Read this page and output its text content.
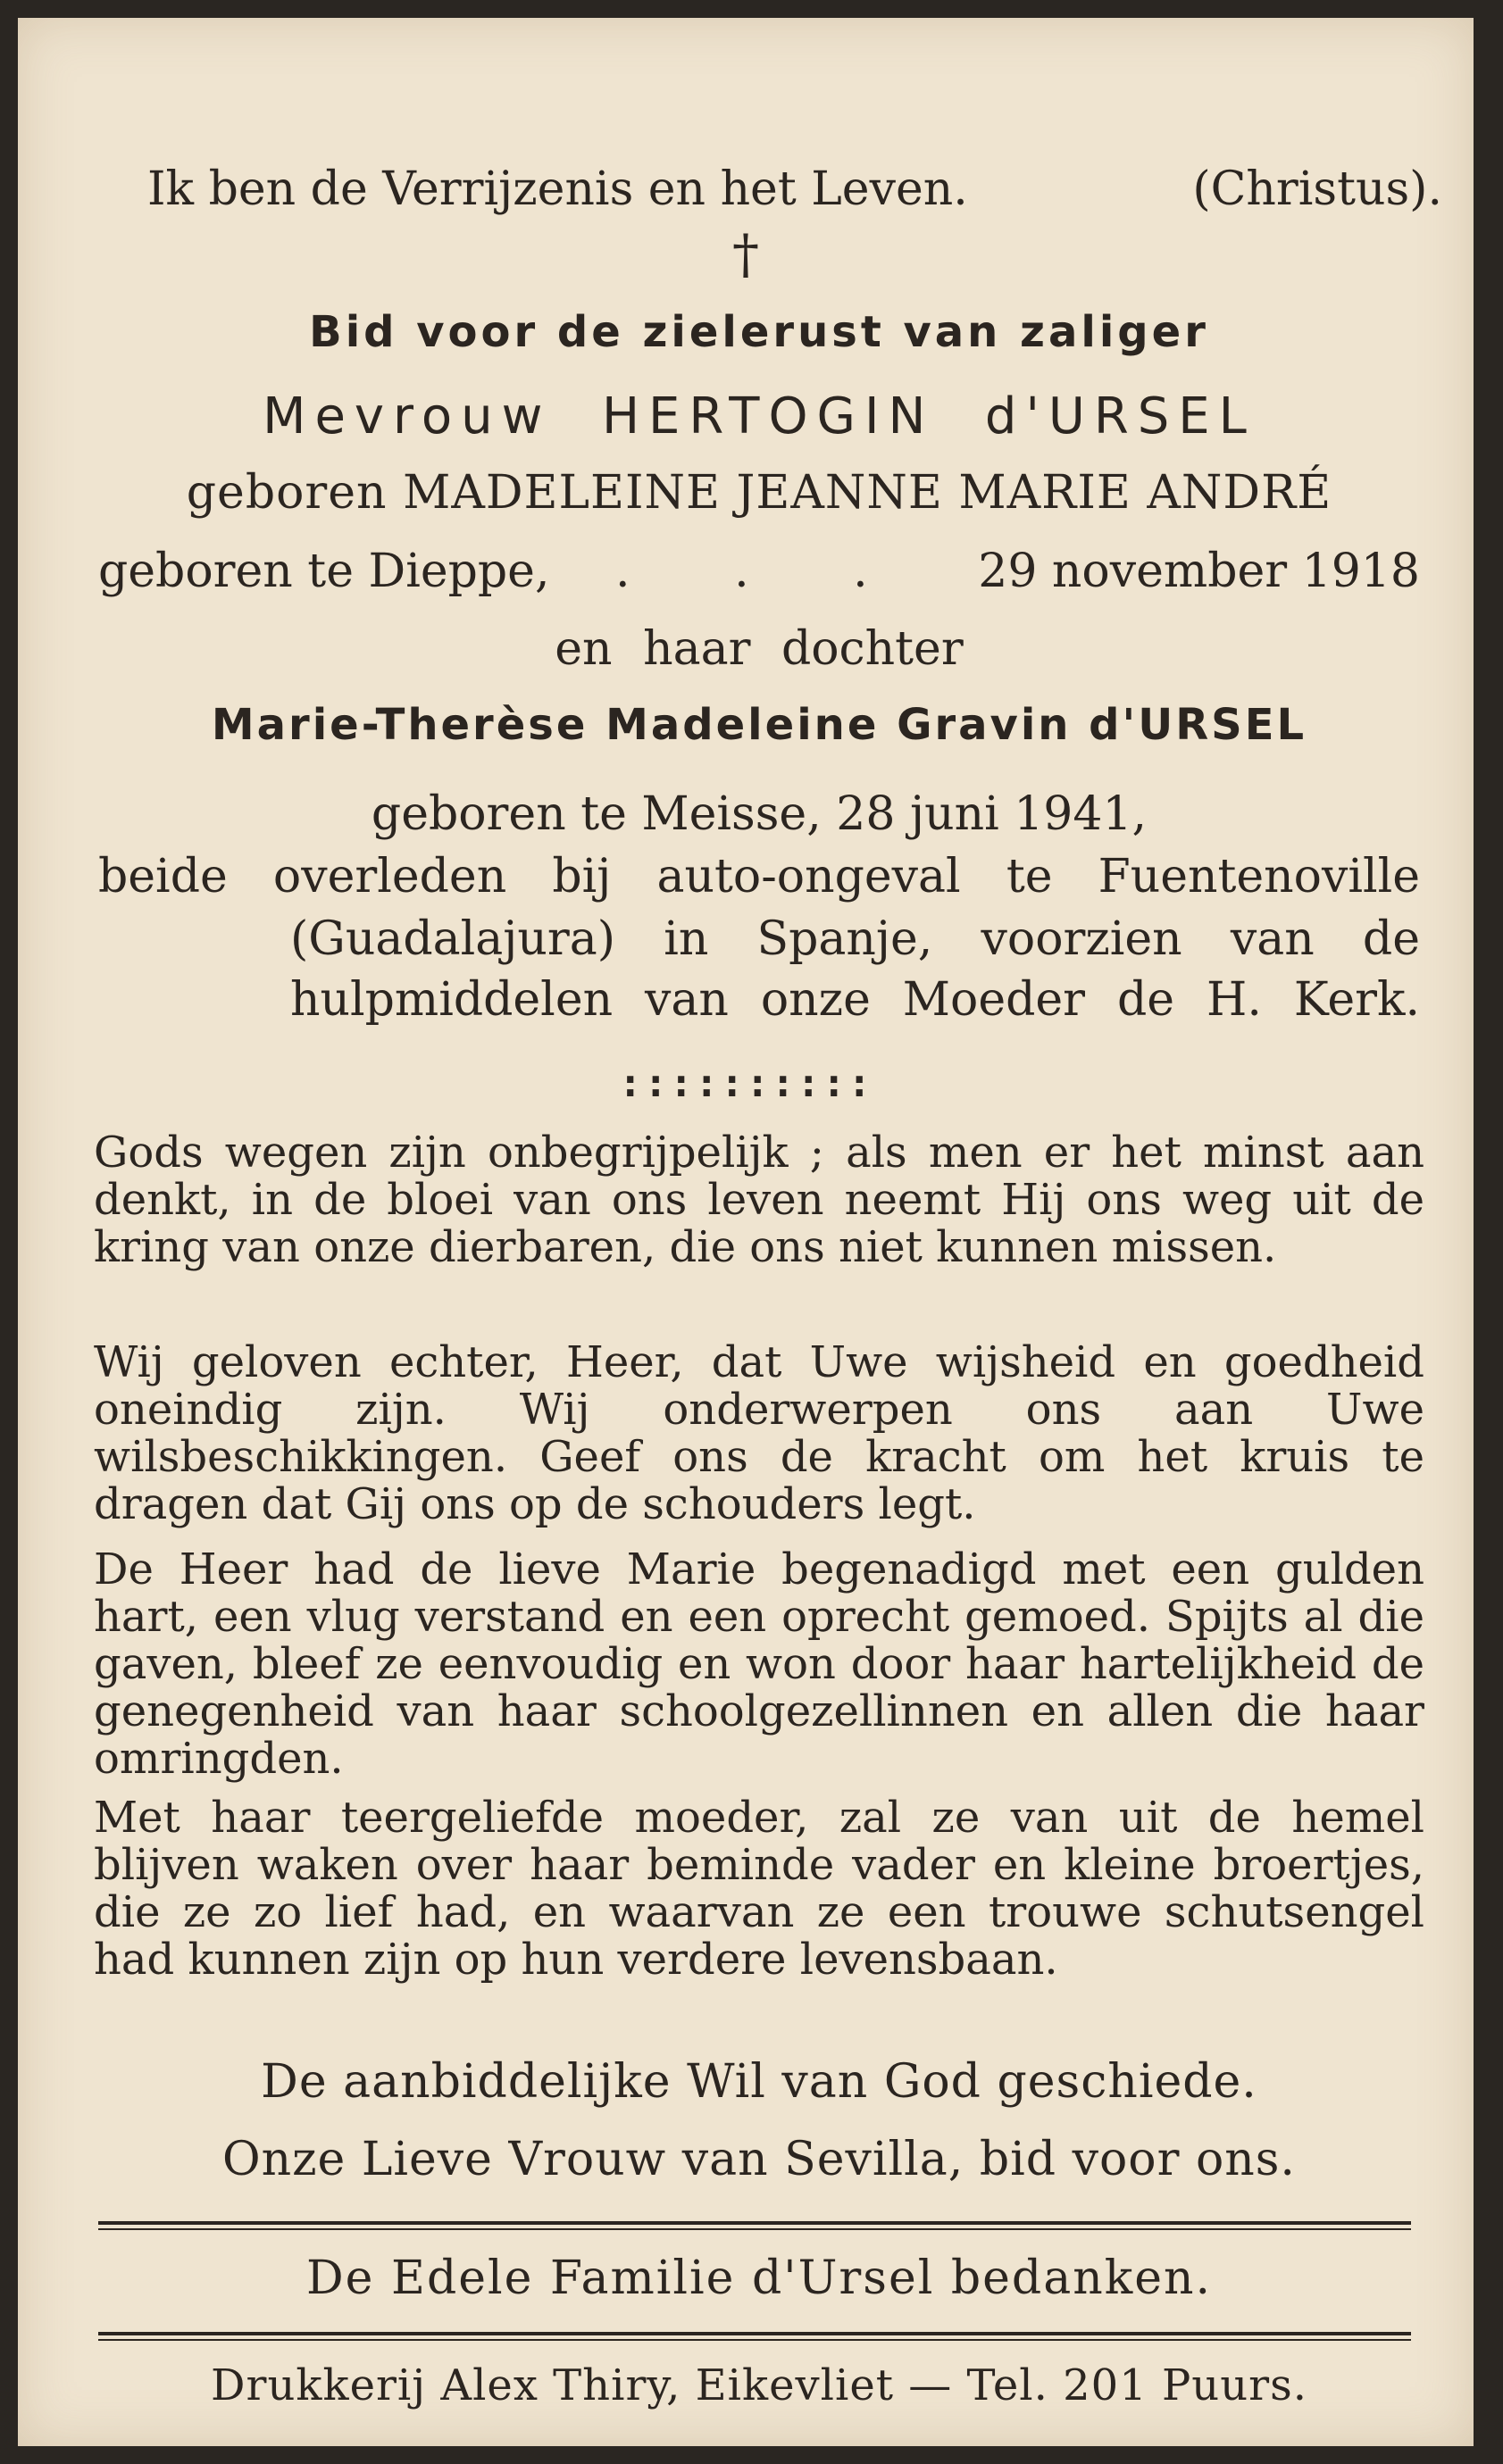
Ik ben de Verrijzenis en het Leven.	(Christus).
†
Bid voor de zielerust van zaliger
Mevrouw HERTOGIN d'URSEL
geboren MADELEINE JEANNE MARIE ANDRÉ
geboren te Dieppe, . . . 29 november 1918
en haar dochter
Marie-Therèse Madeleine Gravin d'URSEL
geboren te Meisse, 28 juni 1941,
beide overleden bij auto-ongeval te Fuentenoville
(Guadalajura) in Spanje, voorzien van de
hulpmiddelen van onze Moeder de H. Kerk.
::::::::::

Gods wegen zijn onbegrijpelijk ; als men er het minst aan denkt, in de bloei van ons leven neemt Hij ons weg uit de kring van onze dierbaren, die ons niet kunnen missen.

Wij geloven echter, Heer, dat Uwe wijsheid en goedheid oneindig zijn. Wij onderwerpen ons aan Uwe wilsbeschikkingen. Geef ons de kracht om het kruis te dragen dat Gij ons op de schouders legt.

De Heer had de lieve Marie begenadigd met een gulden hart, een vlug verstand en een oprecht gemoed. Spijts al die gaven, bleef ze eenvoudig en won door haar hartelijkheid de genegenheid van haar schoolgezellinnen en allen die haar omringden.

Met haar teergeliefde moeder, zal ze van uit de hemel blijven waken over haar beminde vader en kleine broertjes, die ze zo lief had, en waarvan ze een trouwe schutsengel had kunnen zijn op hun verdere levensbaan.

De aanbiddelijke Wil van God geschiede.
Onze Lieve Vrouw van Sevilla, bid voor ons.
De Edele Familie d'Ursel bedanken.
Drukkerij Alex Thiry, Eikevliet — Tel. 201 Puurs.
